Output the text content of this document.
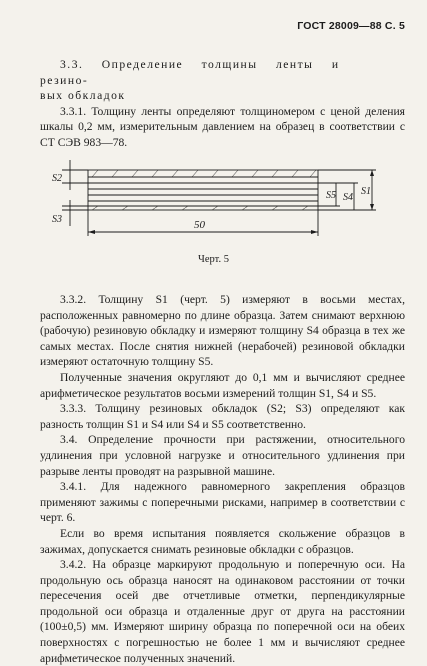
ГОСТ 28009—88 С. 5

3.3. Определение толщины ленты и резино-

вых обкладок

3.3.1. Толщину ленты определяют толщиномером с ценой деления шкалы 0,2 мм, измерительным давлением на образец в соответствии с СТ СЭВ 983—78.

S2
S3
S5 S4
S1
50
Черт. 5

3.3.2. Толщину S1 (черт. 5) измеряют в восьми местах, расположенных равномерно по длине образца. Затем снимают верхнюю (рабочую) резиновую обкладку и измеряют толщину S4 образца в тех же самых местах. После снятия нижней (нерабочей) резиновой обкладки измеряют остаточную толщину S5.

Полученные значения округляют до 0,1 мм и вычисляют среднее арифметическое результатов восьми измерений толщин S1, S4 и S5.

3.3.3. Толщину резиновых обкладок (S2; S3) определяют как разность толщин S1 и S4 или S4 и S5 соответственно.

3.4. Определение прочности при растяжении, относительного удлинения при условной нагрузке и относительного удлинения при разрыве ленты проводят на разрывной машине.

3.4.1. Для надежного равномерного закрепления образцов применяют зажимы с поперечными рисками, например в соответствии с черт. 6.

Если во время испытания появляется скольжение образцов в зажимах, допускается снимать резиновые обкладки с образцов.

3.4.2. На образце маркируют продольную и поперечную оси. На продольную ось образца наносят на одинаковом расстоянии от точки пересечения осей две отчетливые отметки, перпендикулярные продольной оси образца и отдаленные друг от друга на расстоянии (100±0,5) мм. Измеряют ширину образца по поперечной оси на обеих поверхностях с погрешностью не более 1 мм и вычисляют среднее арифметическое полученных значений.
